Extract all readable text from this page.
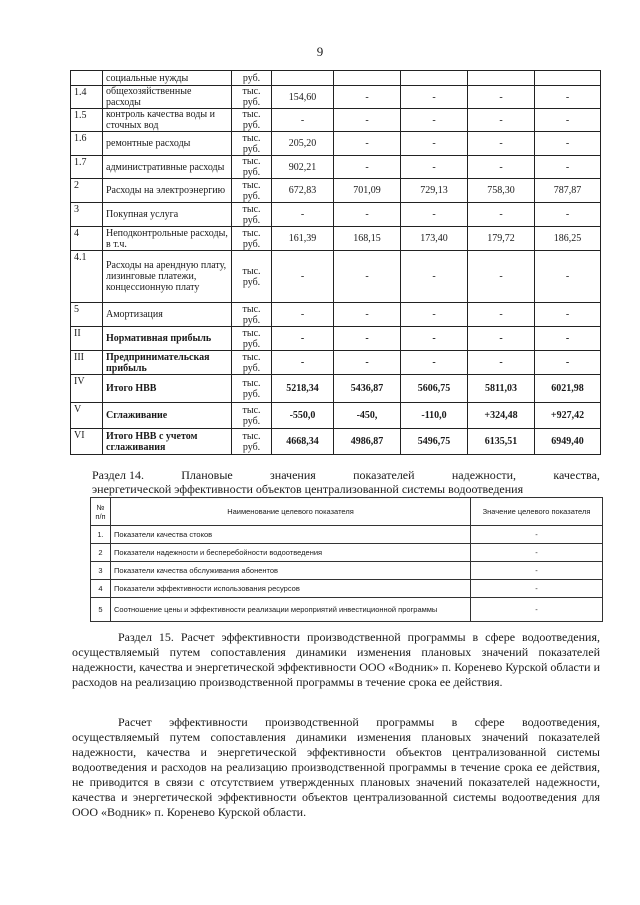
9
	социальные нужды	руб.					
1.4	общехозяйственные расходы	тыс. руб.	154,60	-	-	-	-
1.5	контроль качества воды и сточных вод	тыс. руб.	-	-	-	-	-
1.6	ремонтные расходы	тыс. руб.	205,20	-	-	-	-
1.7	административные расходы	тыс. руб.	902,21	-	-	-	-
2	Расходы на электроэнергию	тыс. руб.	672,83	701,09	729,13	758,30	787,87
3	Покупная услуга	тыс. руб.	-	-	-	-	-
4	Неподконтрольные расходы, в т.ч.	тыс. руб.	161,39	168,15	173,40	179,72	186,25
4.1	Расходы на арендную плату, лизинговые платежи, концессионную плату	тыс. руб.	-	-	-	-	-
5	Амортизация	тыс. руб.	-	-	-	-	-
II	Нормативная прибыль	тыс. руб.	-	-	-	-	-
III	Предпринимательская прибыль	тыс. руб.	-	-	-	-	-
IV	Итого НВВ	тыс. руб.	5218,34	5436,87	5606,75	5811,03	6021,98
V	Сглаживание	тыс. руб.	-550,0	-450,	-110,0	+324,48	+927,42
VI	Итого НВВ с учетом сглаживания	тыс. руб.	4668,34	4986,87	5496,75	6135,51	6949,40
Раздел 14.	Плановые	значения	показателей	надежности,	качества,
энергетической эффективности объектов централизованной системы водоотведения
№ п/п	Наименование целевого показателя	Значение целевого показателя
1.	Показатели качества стоков	-
2	Показатели надежности и бесперебойности водоотведения	-
3	Показатели качества обслуживания абонентов	-
4	Показатели эффективности использования ресурсов	-
5	Соотношение цены и эффективности реализации мероприятий инвестиционной программы	-

Раздел 15. Расчет эффективности производственной программы в сфере водоотведения, осуществляемый путем сопоставления динамики изменения плановых значений показателей надежности, качества и энергетической эффективности ООО «Водник» п. Коренево Курской области и расходов на реализацию производственной программы в течение срока ее действия.

Расчет эффективности производственной программы в сфере водоотведения, осуществляемый путем сопоставления динамики изменения плановых значений показателей надежности, качества и энергетической эффективности объектов централизованной системы водоотведения и расходов на реализацию производственной программы в течение срока ее действия, не приводится в связи с отсутствием утвержденных плановых значений показателей надежности, качества и энергетической эффективности объектов централизованной системы водоотведения для ООО «Водник» п. Коренево Курской области.
